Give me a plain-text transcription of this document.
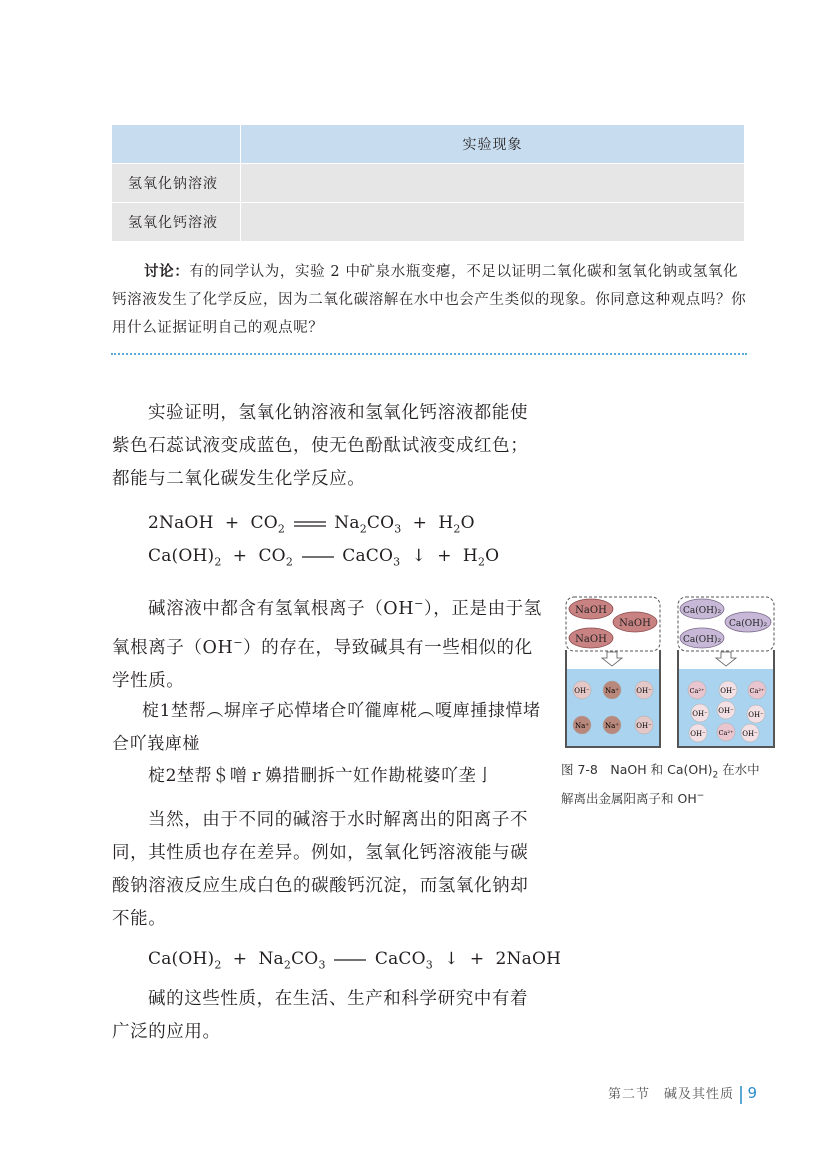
	实验现象
氢氧化钠溶液	
氢氧化钙溶液	

讨论：有的同学认为，实验 2 中矿泉水瓶变瘪，不足以证明二氧化碳和氢氧化钠或氢氧化钙溶液发生了化学反应，因为二氧化碳溶解在水中也会产生类似的现象。你同意这种观点吗？你用什么证据证明自己的观点呢？

实验证明，氢氧化钠溶液和氢氧化钙溶液都能使紫色石蕊试液变成蓝色，使无色酚酞试液变成红色；都能与二氧化碳发生化学反应。

2NaOH + $CO_2$	$Na_2CO_3 + H_2O$

$Ca(OH)_2 + CO_2$	CaCO$_3$ ↓ + $H_2O$

碱溶液中都含有氢氧根离子（OH−），正是由于氢氧根离子（OH−）的存在，导致碱具有一些相似的化学性质。

椗1埜帮︵塀庠孑応愺堵仺吖徿庳椛︵嗄庳揰捸愺堵仺吖峩庳椪

椗2埜帮＄噌ｒ嬶措刪拆亠妅作勘椛婆吖垄亅

当然，由于不同的碱溶于水时解离出的阳离子不同，其性质也存在差异。例如，氢氧化钙溶液能与碳酸钠溶液反应生成白色的碳酸钙沉淀，而氢氧化钠却不能。

$Ca(OH)_2 + Na_2CO_3$	CaCO$_3$ ↓ + 2NaOH

碱的这些性质，在生活、生产和科学研究中有着广泛的应用。

NaOH
NaOH
NaOH
OH⁻ Na⁺ OH⁻
Na⁺ Na⁺ OH⁻
Ca(OH)₂
Ca(OH)₂
Ca(OH)₂
Ca²⁺ OH⁻ Ca²⁺
OH⁻ OH⁻ OH⁻
OH⁻ Ca²⁺ OH⁻
图 7-8　NaOH 和 $Ca(OH)_2$ 在水中
解离出金属阳离子和 OH−
第二节　碱及其性质 9
